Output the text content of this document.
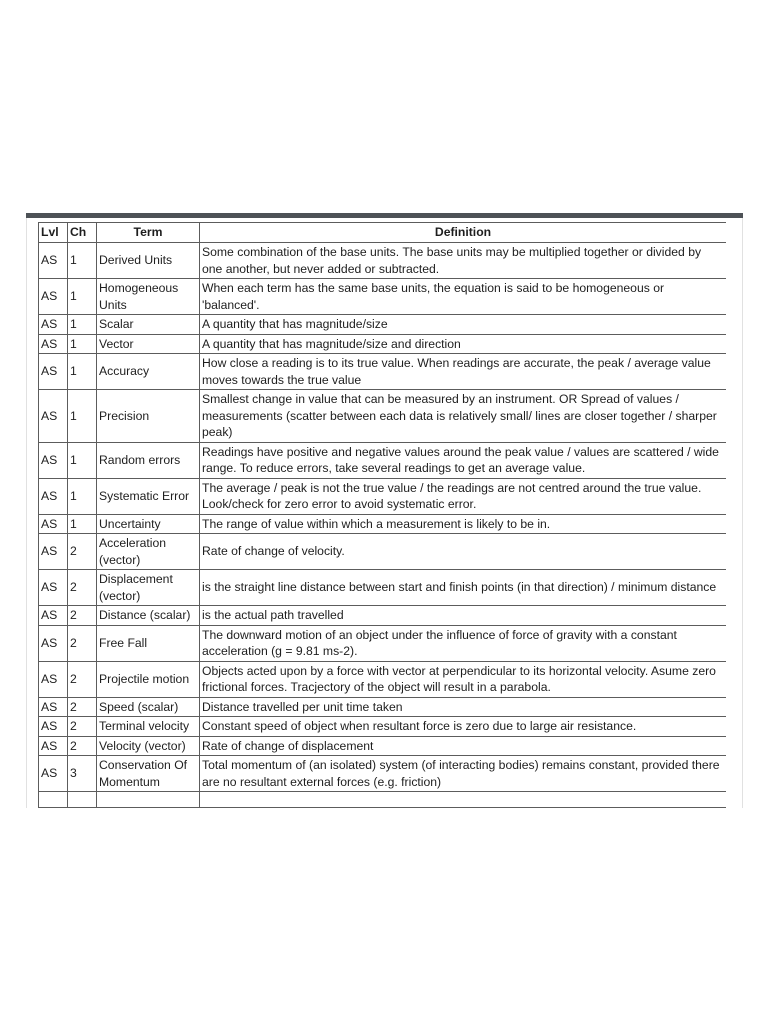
Lvl	Ch	Term	Definition
AS	1	Derived Units	Some combination of the base units. The base units may be multiplied together or divided by one another, but never added or subtracted.
AS	1	Homogeneous Units	When each term has the same base units, the equation is said to be homogeneous or 'balanced'.
AS	1	Scalar	A quantity that has magnitude/size
AS	1	Vector	A quantity that has magnitude/size and direction
AS	1	Accuracy	How close a reading is to its true value. When readings are accurate, the peak / average value moves towards the true value
AS	1	Precision	Smallest change in value that can be measured by an instrument. OR Spread of values / measurements (scatter between each data is relatively small/ lines are closer together / sharper peak)
AS	1	Random errors	Readings have positive and negative values around the peak value / values are scattered / wide range. To reduce errors, take several readings to get an average value.
AS	1	Systematic Error	The average / peak is not the true value / the readings are not centred around the true value. Look/check for zero error to avoid systematic error.
AS	1	Uncertainty	The range of value within which a measurement is likely to be in.
AS	2	Acceleration (vector)	Rate of change of velocity.
AS	2	Displacement (vector)	is the straight line distance between start and finish points (in that direction) / minimum distance
AS	2	Distance (scalar)	is the actual path travelled
AS	2	Free Fall	The downward motion of an object under the influence of force of gravity with a constant acceleration (g = 9.81 ms-2).
AS	2	Projectile motion	Objects acted upon by a force with vector at perpendicular to its horizontal velocity. Asume zero frictional forces. Tracjectory of the object will result in a parabola.
AS	2	Speed (scalar)	Distance travelled per unit time taken
AS	2	Terminal velocity	Constant speed of object when resultant force is zero due to large air resistance.
AS	2	Velocity (vector)	Rate of change of displacement
AS	3	Conservation Of Momentum	Total momentum of (an isolated) system (of interacting bodies) remains constant, provided there are no resultant external forces (e.g. friction)
